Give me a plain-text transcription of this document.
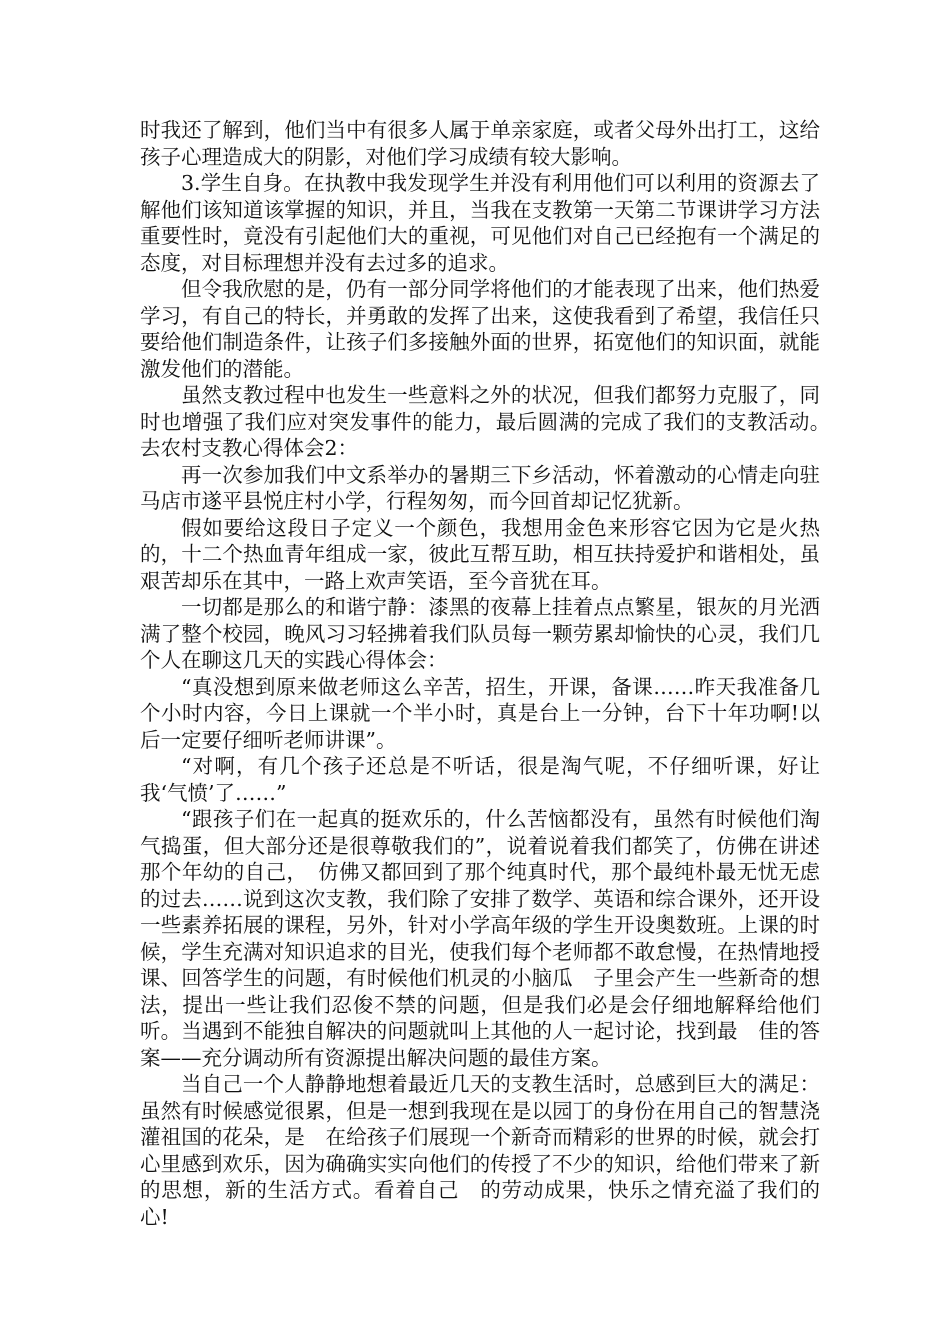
时我还了解到，他们当中有很多人属于单亲家庭，或者父母外出打工，这给孩子心理造成大的阴影，对他们学习成绩有较大影响。

3.学生自身。在执教中我发现学生并没有利用他们可以利用的资源去了解他们该知道该掌握的知识，并且，当我在支教第一天第二节课讲学习方法重要性时，竟没有引起他们大的重视，可见他们对自己已经抱有一个满足的态度，对目标理想并没有去过多的追求。

但令我欣慰的是，仍有一部分同学将他们的才能表现了出来，他们热爱学习，有自己的特长，并勇敢的发挥了出来，这使我看到了希望，我信任只要给他们制造条件，让孩子们多接触外面的世界，拓宽他们的知识面，就能激发他们的潜能。

虽然支教过程中也发生一些意料之外的状况，但我们都努力克服了，同时也增强了我们应对突发事件的能力，最后圆满的完成了我们的支教活动。　　　去农村支教心得体会2：

再一次参加我们中文系举办的暑期三下乡活动，怀着激动的心情走向驻马店市遂平县悦庄村小学，行程匆匆，而今回首却记忆犹新。

假如要给这段日子定义一个颜色，我想用金色来形容它因为它是火热的，十二个热血青年组成一家，彼此互帮互助，相互扶持爱护和谐相处，虽艰苦却乐在其中，一路上欢声笑语，至今音犹在耳。

一切都是那么的和谐宁静：漆黑的夜幕上挂着点点繁星，银灰的月光洒满了整个校园，晚风习习轻拂着我们队员每一颗劳累却愉快的心灵，我们几个人在聊这几天的实践心得体会：

“真没想到原来做老师这么辛苦，招生，开课，备课……昨天我准备几个小时内容，今日上课就一个半小时，真是台上一分钟，台下十年功啊!以后一定要仔细听老师讲课”。

“对啊，有几个孩子还总是不听话，很是淘气呢，不仔细听课，好让我‘气愤’了……”

“跟孩子们在一起真的挺欢乐的，什么苦恼都没有，虽然有时候他们淘气捣蛋，但大部分还是很尊敬我们的”，说着说着我们都笑了，仿佛在讲述那个年幼的自己，　仿佛又都回到了那个纯真时代，那个最纯朴最无忧无虑的过去……说到这次支教，我们除了安排了数学、英语和综合课外，还开设一些素养拓展的课程，另外，针对小学高年级的学生开设奥数班。上课的时候，学生充满对知识追求的目光，使我们每个老师都不敢怠慢，在热情地授课、回答学生的问题，有时候他们机灵的小脑瓜　子里会产生一些新奇的想法，提出一些让我们忍俊不禁的问题，但是我们必是会仔细地解释给他们听。当遇到不能独自解决的问题就叫上其他的人一起讨论，找到最　佳的答案——充分调动所有资源提出解决问题的最佳方案。

当自己一个人静静地想着最近几天的支教生活时，总感到巨大的满足：虽然有时候感觉很累，但是一想到我现在是以园丁的身份在用自己的智慧浇灌祖国的花朵，是　在给孩子们展现一个新奇而精彩的世界的时候，就会打心里感到欢乐，因为确确实实向他们的传授了不少的知识，给他们带来了新的思想，新的生活方式。看着自己　的劳动成果，快乐之情充溢了我们的心!
